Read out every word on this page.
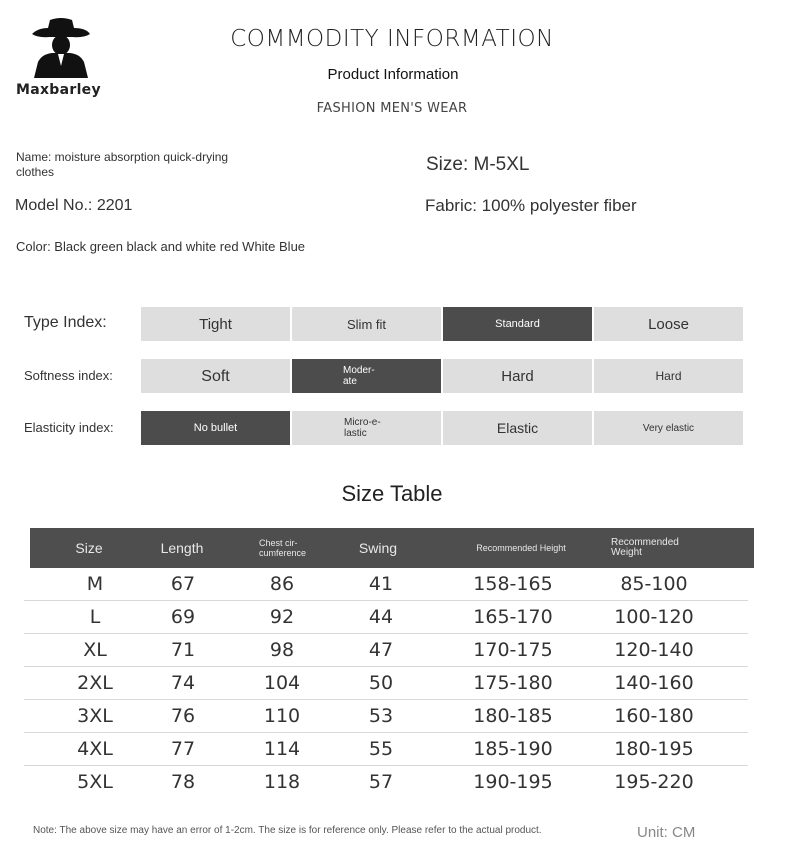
Maxbarley
COMMODITY INFORMATION
Product Information
FASHION MEN'S WEAR
Name: moisture absorption quick-drying clothes
Model No.: 2201
Color: Black green black and white red White Blue
Size: M-5XL
Fabric: 100% polyester fiber
Type Index:	Tight	Slim fit	Standard	Loose
Softness index:	Soft	Moder-ate	Hard	Hard
Elasticity index:	No bullet	Micro-e-lastic	Elastic	Very elastic
Size Table
Size	Length	Chest cir-cumference	Swing	Recommended Height	Recommended Weight
M	67	86	41	158-165	85-100
L	69	92	44	165-170	100-120
XL	71	98	47	170-175	120-140
2XL	74	104	50	175-180	140-160
3XL	76	110	53	180-185	160-180
4XL	77	114	55	185-190	180-195
5XL	78	118	57	190-195	195-220
Note: The above size may have an error of 1-2cm. The size is for reference only. Please refer to the actual product.	Unit: CM
